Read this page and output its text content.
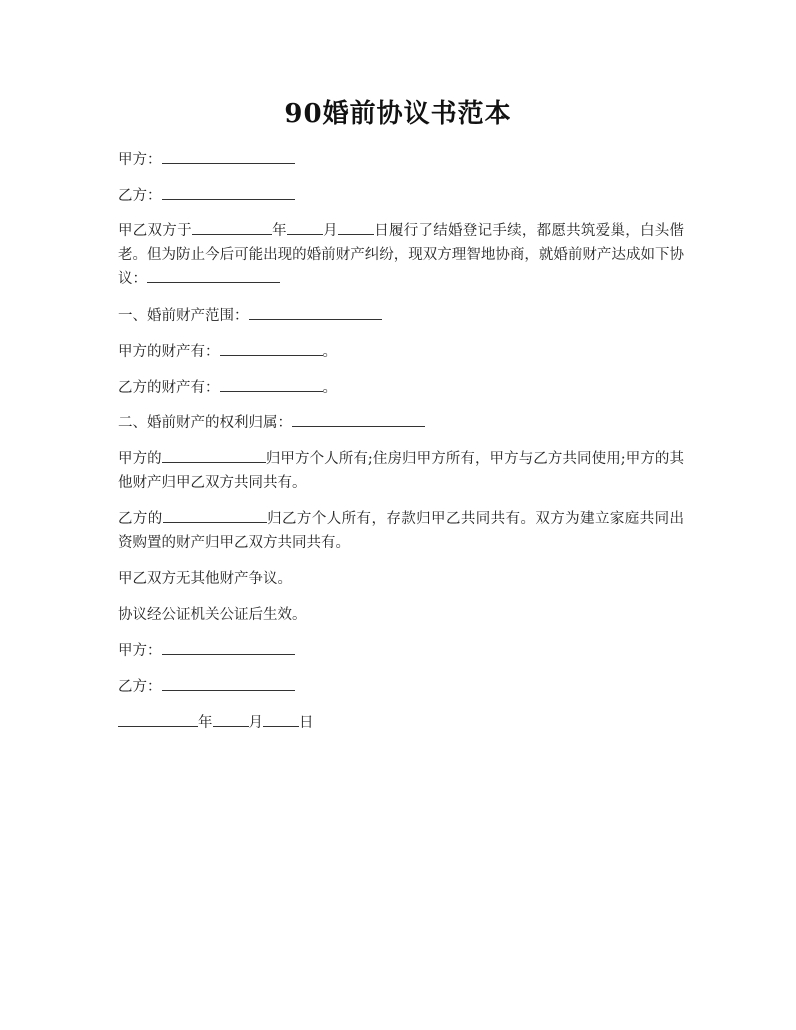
90婚前协议书范本
甲方：
乙方：
甲乙双方于	年 月 日履行了结婚登记手续，都愿共筑爱巢，白头偕老。但为防止今后可能出现的婚前财产纠纷，现双方理智地协商，就婚前财产达成如下协议：
一、婚前财产范围：
甲方的财产有：	。
乙方的财产有：	。
二、婚前财产的权利归属：
甲方的	归甲方个人所有;住房归甲方所有，甲方与乙方共同使用;甲方的其他财产归甲乙双方共同共有。
乙方的	归乙方个人所有，存款归甲乙共同共有。双方为建立家庭共同出资购置的财产归甲乙双方共同共有。
甲乙双方无其他财产争议。
协议经公证机关公证后生效。
甲方：
乙方：
年 月 日
